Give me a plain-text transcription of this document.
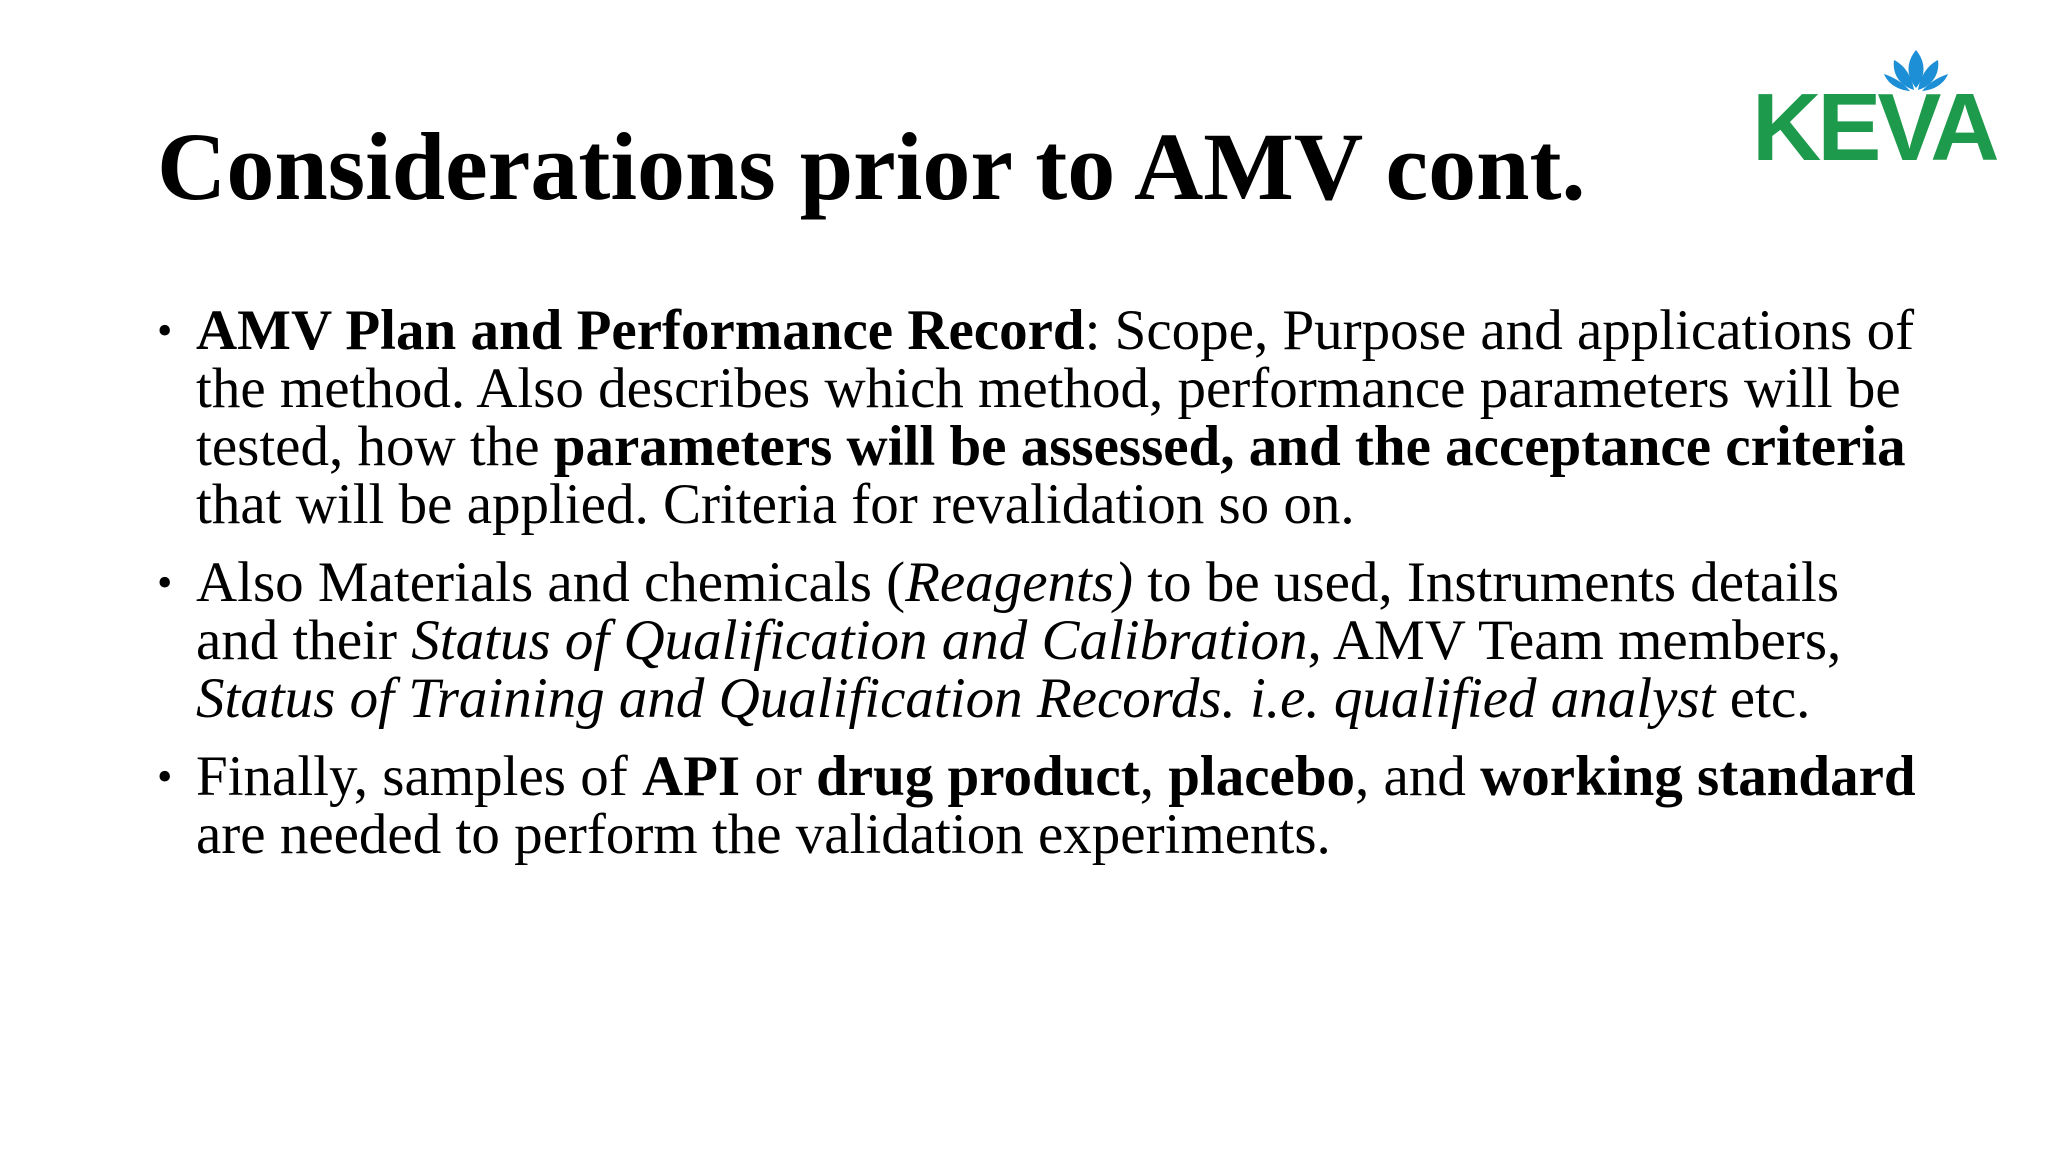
KEVA
Considerations prior to AMV cont.
• AMV Plan and Performance Record: Scope, Purpose and applications of the method. Also describes which method, performance parameters will be tested, how the parameters will be assessed, and the acceptance criteria that will be applied. Criteria for revalidation so on.
• Also Materials and chemicals (Reagents) to be used, Instruments details and their Status of Qualification and Calibration, AMV Team members, Status of Training and Qualification Records. i.e. qualified analyst etc.
• Finally, samples of API or drug product, placebo, and working standard are needed to perform the validation experiments.
